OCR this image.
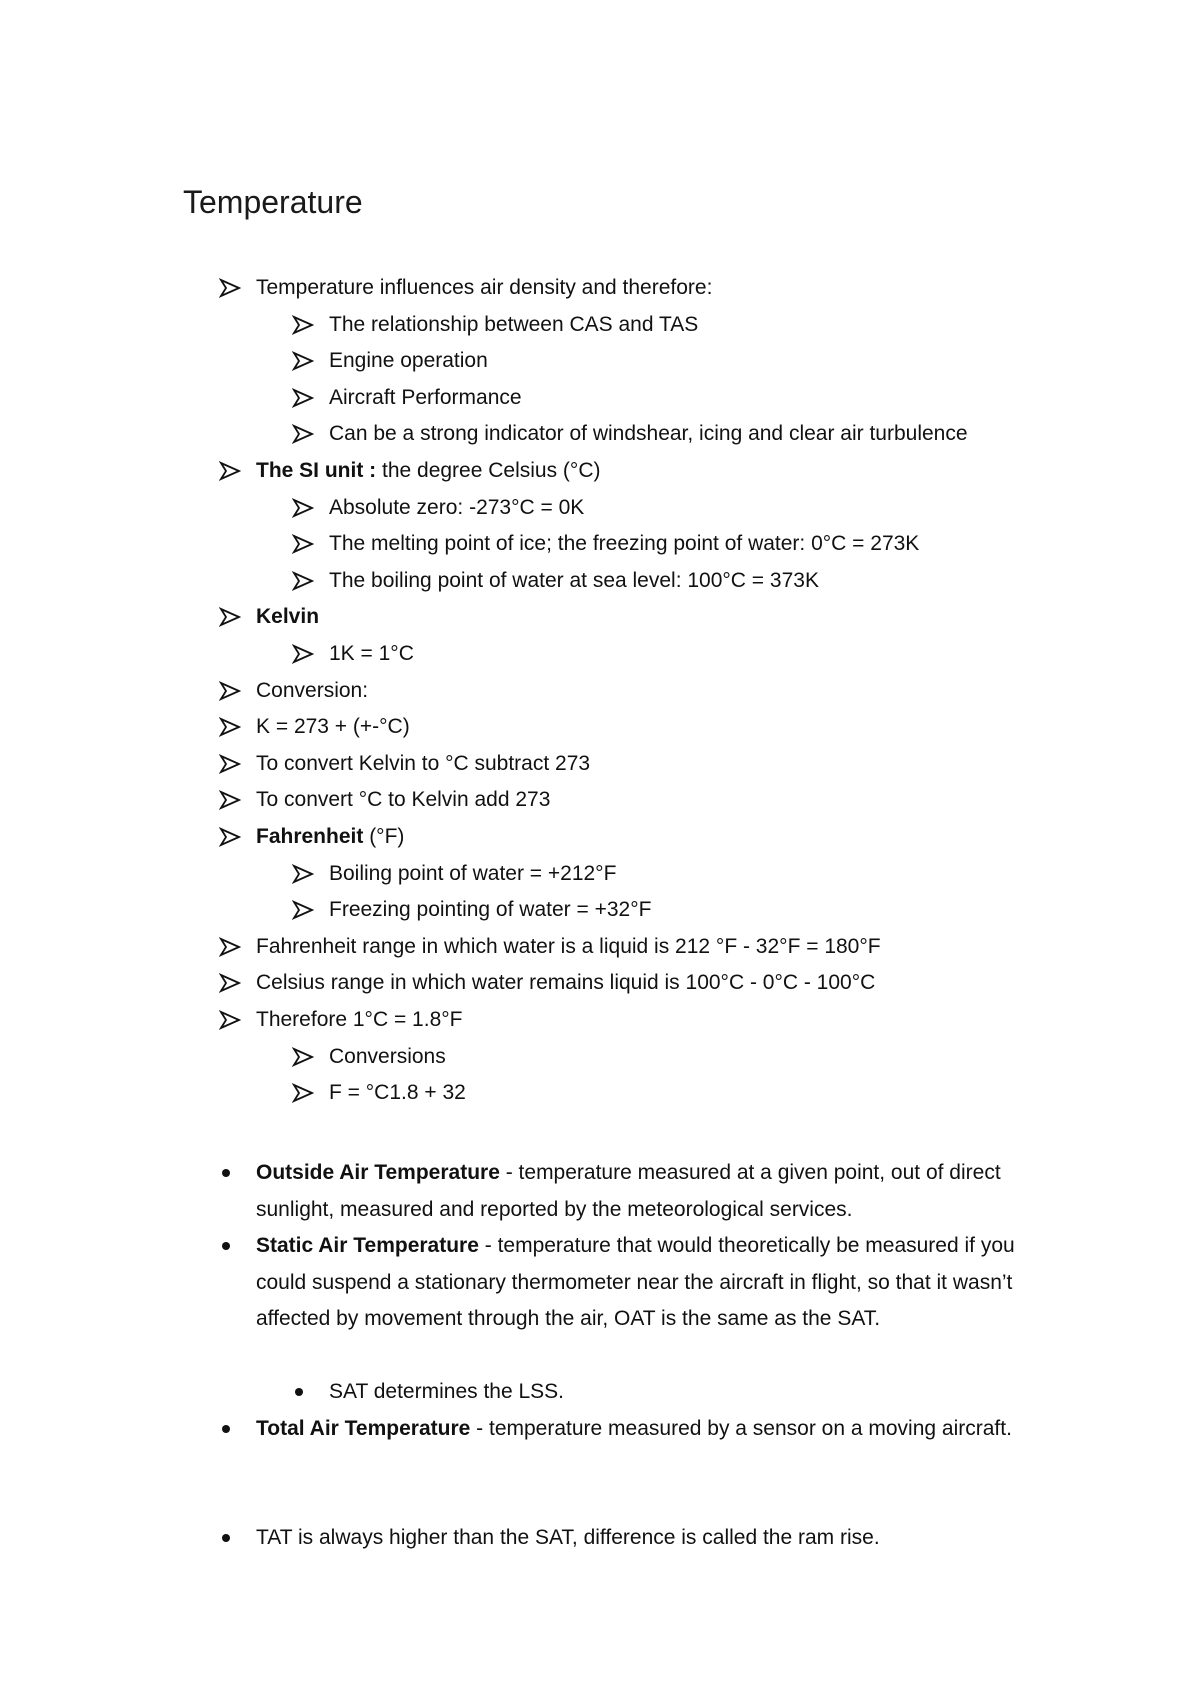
Temperature
Temperature influences air density and therefore:
The relationship between CAS and TAS
Engine operation
Aircraft Performance
Can be a strong indicator of windshear, icing and clear air turbulence
The SI unit : the degree Celsius (°C)
Absolute zero: -273°C = 0K
The melting point of ice; the freezing point of water: 0°C = 273K
The boiling point of water at sea level: 100°C = 373K
Kelvin
1K = 1°C
Conversion:
K = 273 + (+-°C)
To convert Kelvin to °C subtract 273
To convert °C to Kelvin add 273
Fahrenheit (°F)
Boiling point of water = +212°F
Freezing pointing of water = +32°F
Fahrenheit range in which water is a liquid is 212 °F - 32°F = 180°F
Celsius range in which water remains liquid is 100°C - 0°C - 100°C
Therefore 1°C = 1.8°F
Conversions
F = °C1.8 + 32
Outside Air Temperature - temperature measured at a given point, out of direct sunlight, measured and reported by the meteorological services.
Static Air Temperature - temperature that would theoretically be measured if you could suspend a stationary thermometer near the aircraft in flight, so that it wasn’t affected by movement through the air, OAT is the same as the SAT.
SAT determines the LSS.
Total Air Temperature - temperature measured by a sensor on a moving aircraft.
TAT is always higher than the SAT, difference is called the ram rise.
